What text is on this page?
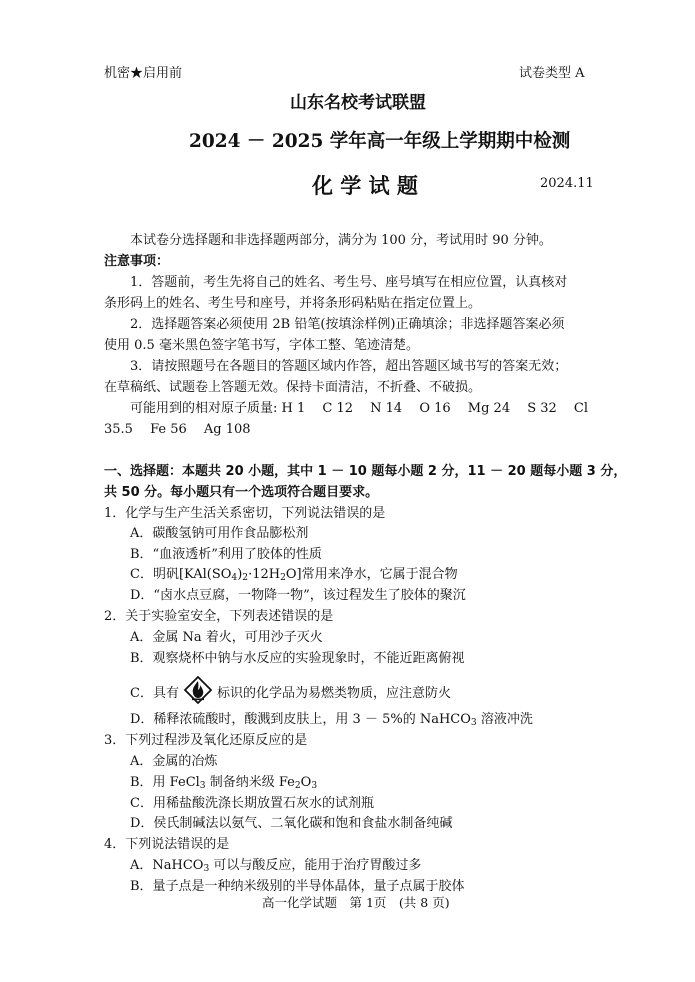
机密★启用前	试卷类型 A
山东名校考试联盟
2024 － 2025 学年高一年级上学期期中检测
化 学 试 题	2024.11
本试卷分选择题和非选择题两部分，满分为 100 分，考试用时 90 分钟。
注意事项：
1．答题前，考生先将自己的姓名、考生号、座号填写在相应位置，认真核对
条形码上的姓名、考生号和座号，并将条形码粘贴在指定位置上。
2．选择题答案必须使用 2B 铅笔(按填涂样例)正确填涂；非选择题答案必须
使用 0.5 毫米黑色签字笔书写，字体工整、笔迹清楚。
3．请按照题号在各题目的答题区域内作答，超出答题区域书写的答案无效；
在草稿纸、试题卷上答题无效。保持卡面清洁，不折叠、不破损。
可能用到的相对原子质量: H 1　 C 12　 N 14　 O 16　 Mg 24　 S 32　 Cl
35.5　 Fe 56　 Ag 108
一、选择题：本题共 20 小题，其中 1 － 10 题每小题 2 分，11 － 20 题每小题 3 分，
共 50 分。每小题只有一个选项符合题目要求。
1．化学与生产生活关系密切，下列说法错误的是
A．碳酸氢钠可用作食品膨松剂
B．“血液透析”利用了胶体的性质
C．明矾$[KAl(SO_4)_2\cdot 12H_2O]$常用来净水，它属于混合物
D．“卤水点豆腐，一物降一物”，该过程发生了胶体的聚沉
2．关于实验室安全，下列表述错误的是
A．金属 Na 着火，可用沙子灭火
B．观察烧杯中钠与水反应的实验现象时，不能近距离俯视
C．具有	标识的化学品为易燃类物质，应注意防火
D．稀释浓硫酸时，酸溅到皮肤上，用 3 － 5%的 NaHCO$_3$ 溶液冲洗
3．下列过程涉及氧化还原反应的是
A．金属的冶炼
B．用 FeCl$_3$ 制备纳米级 $Fe_2O_3$
C．用稀盐酸洗涤长期放置石灰水的试剂瓶
D．侯氏制碱法以氨气、二氧化碳和饱和食盐水制备纯碱
4．下列说法错误的是
A．NaHCO$_3$ 可以与酸反应，能用于治疗胃酸过多
B．量子点是一种纳米级别的半导体晶体，量子点属于胶体
高一化学试题　第 1页　(共 8 页)
